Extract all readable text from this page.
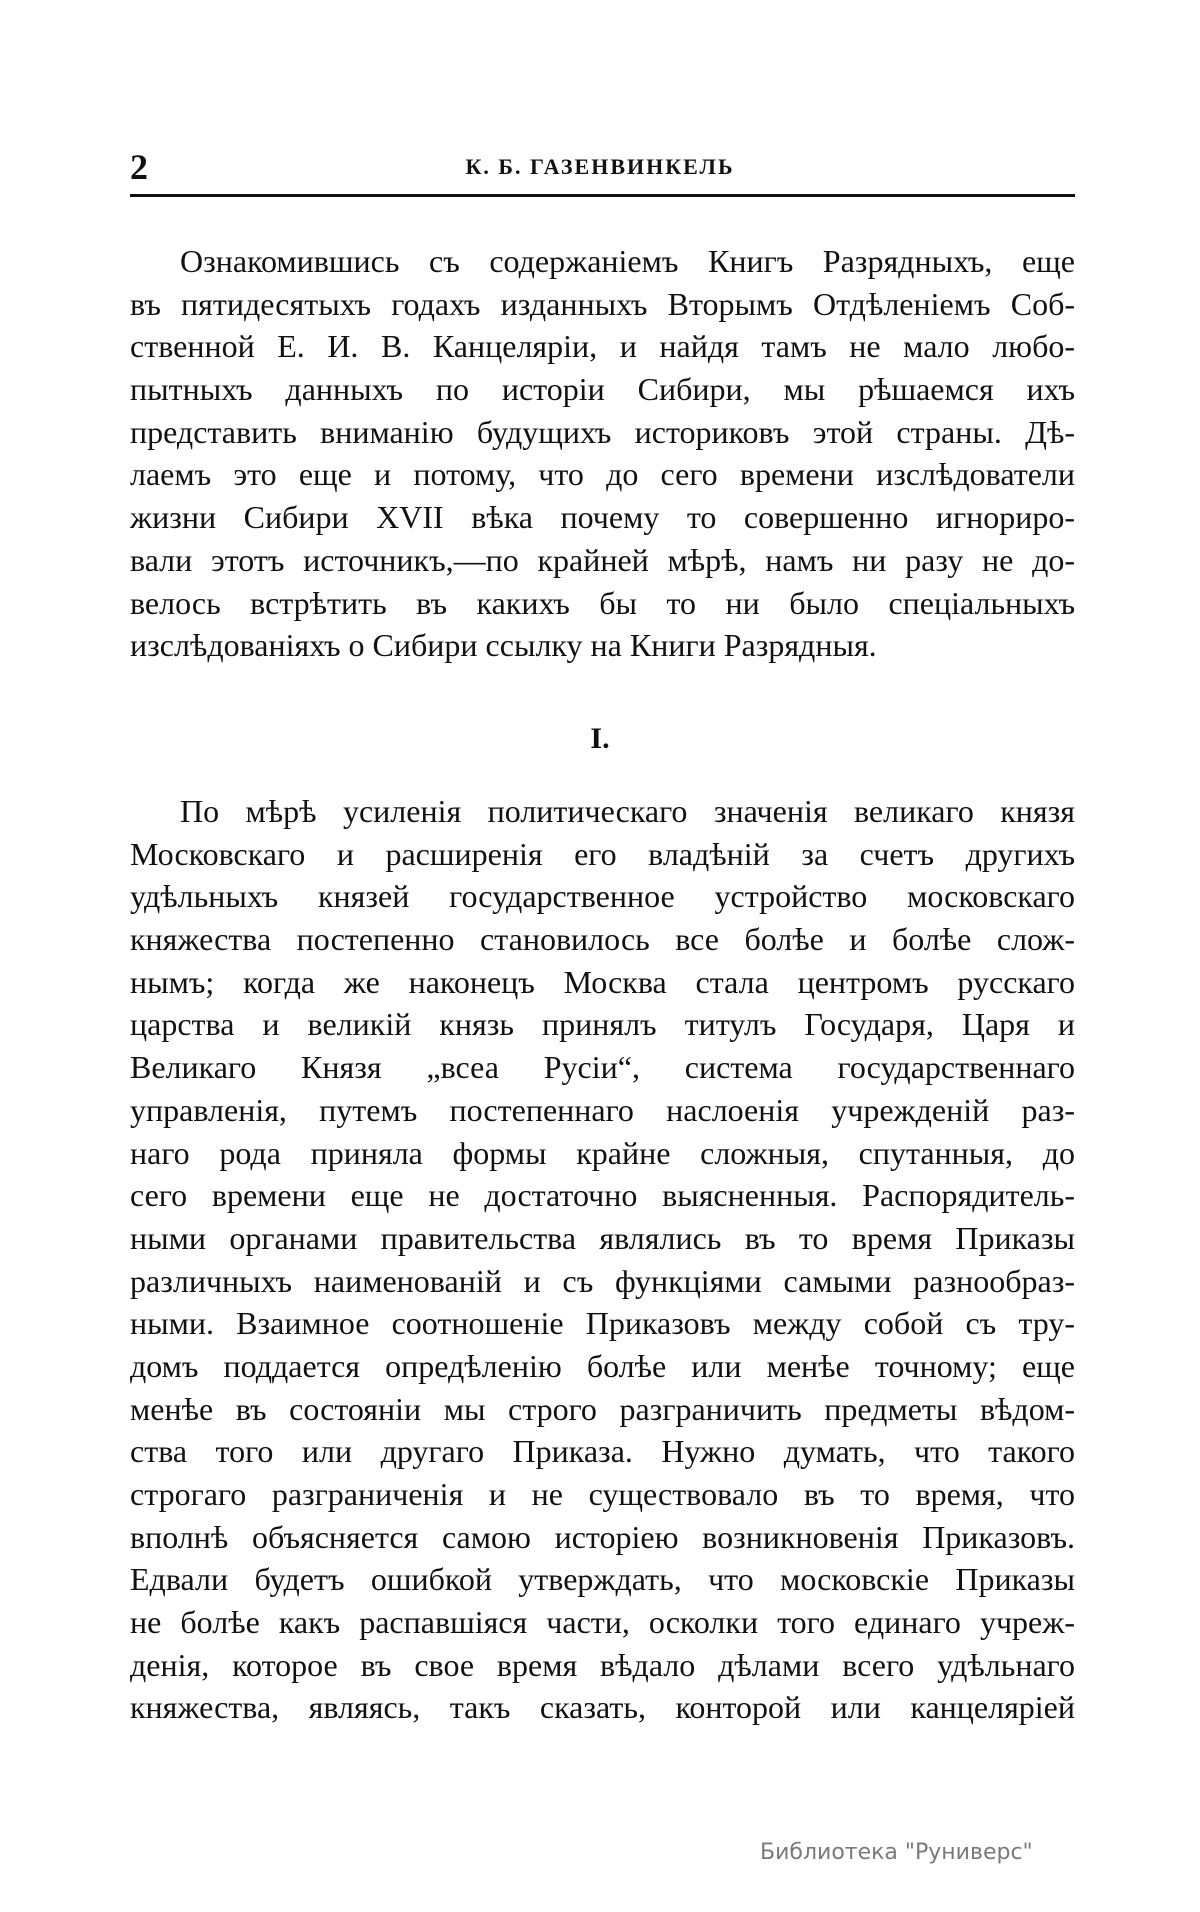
2	К. Б. ГАЗЕНВИНКЕЛЬ
Ознакомившись съ содержаніемъ Книгъ Разрядныхъ, еще
въ пятидесятыхъ годахъ изданныхъ Вторымъ Отдѣленіемъ Соб-
ственной Е. И. В. Канцеляріи, и найдя тамъ не мало любо-
пытныхъ данныхъ по исторіи Сибири, мы рѣшаемся ихъ
представить вниманію будущихъ историковъ этой страны. Дѣ-
лаемъ это еще и потому, что до сего времени изслѣдователи
жизни Сибири XVII вѣка почему то совершенно игнориро-
вали этотъ источникъ,—по крайней мѣрѣ, намъ ни разу не до-
велось встрѣтить въ какихъ бы то ни было спеціальныхъ
изслѣдованіяхъ о Сибири ссылку на Книги Разрядныя.
I.
По мѣрѣ усиленія политическаго значенія великаго князя
Московскаго и расширенія его владѣній за счетъ другихъ
удѣльныхъ князей государственное устройство московскаго
княжества постепенно становилось все болѣе и болѣе слож-
нымъ; когда же наконецъ Москва стала центромъ русскаго
царства и великій князь принялъ титулъ Государя, Царя и
Великаго Князя „всеа Русіи“, система государственнаго
управленія, путемъ постепеннаго наслоенія учрежденій раз-
наго рода приняла формы крайне сложныя, спутанныя, до
сего времени еще не достаточно выясненныя. Распорядитель-
ными органами правительства являлись въ то время Приказы
различныхъ наименованій и съ функціями самыми разнообраз-
ными. Взаимное соотношеніе Приказовъ между собой съ тру-
домъ поддается опредѣленію болѣе или менѣе точному; еще
менѣе въ состояніи мы строго разграничить предметы вѣдом-
ства того или другаго Приказа. Нужно думать, что такого
строгаго разграниченія и не существовало въ то время, что
вполнѣ объясняется самою исторіею возникновенія Приказовъ.
Едвали будетъ ошибкой утверждать, что московскіе Приказы
не болѣе какъ распавшіяся части, осколки того единаго учреж-
денія, которое въ свое время вѣдало дѣлами всего удѣльнаго
княжества, являясь, такъ сказать, конторой или канцеляріей
Библиотека "Руниверс"
